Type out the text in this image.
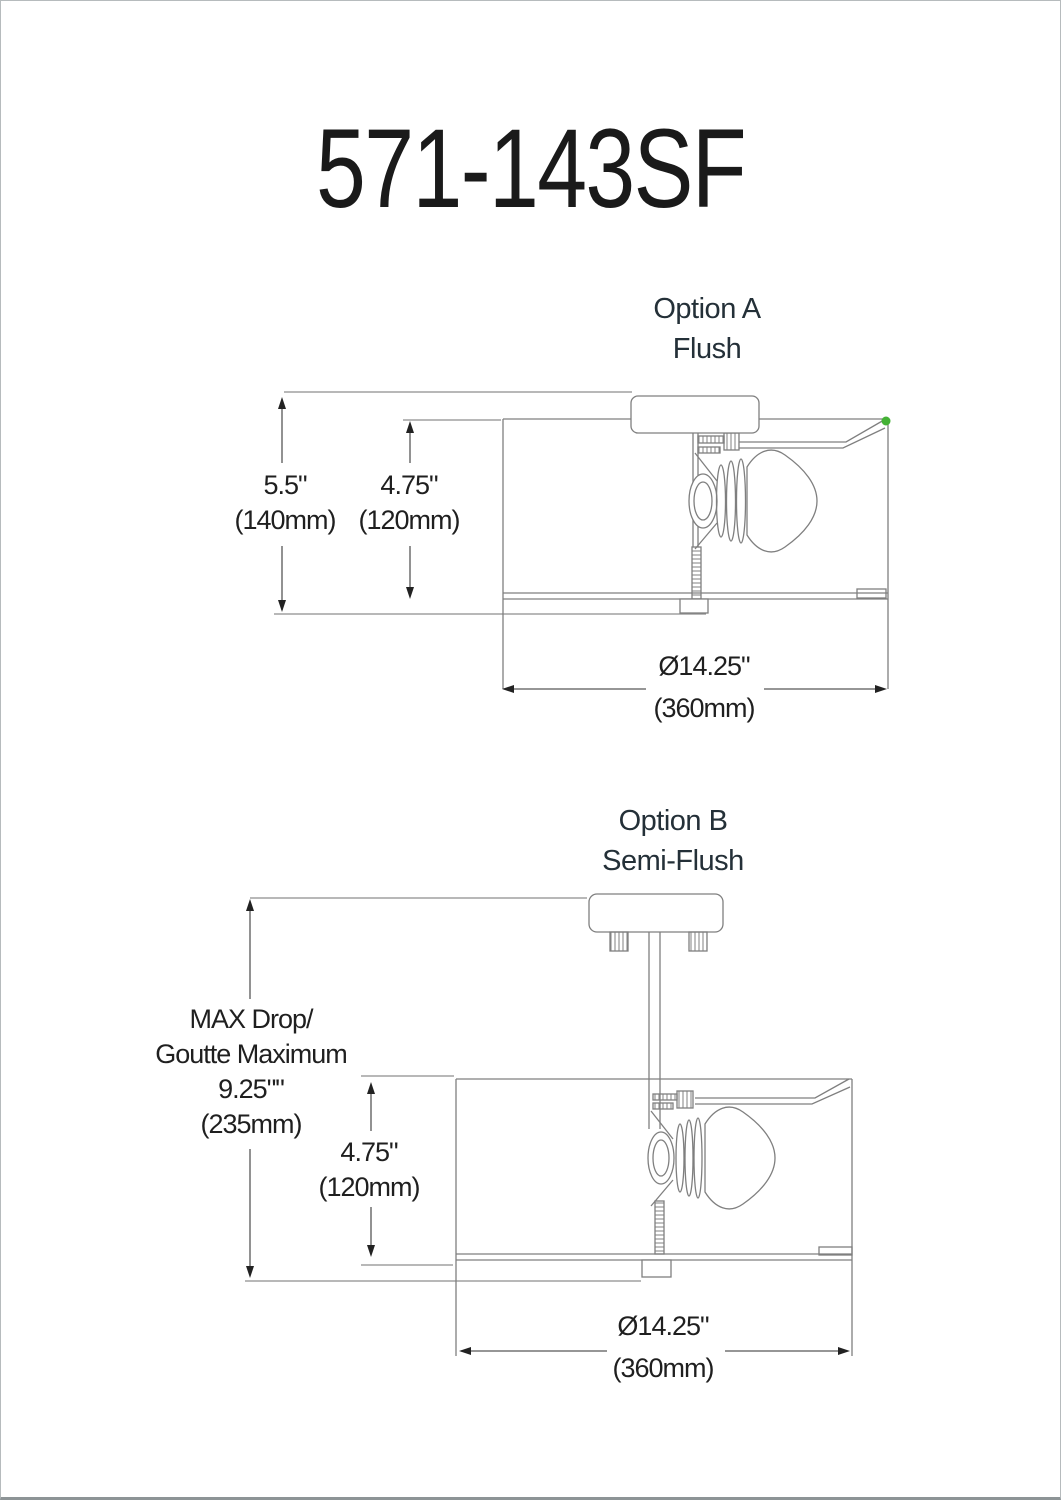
571-143SF
Option A
Flush
5.5"
(140mm)
4.75"
(120mm)
Ø14.25"
(360mm)
Option B
Semi-Flush
MAX Drop/
Goutte Maximum
9.25""
(235mm)
4.75"
(120mm)
Ø14.25"
(360mm)
